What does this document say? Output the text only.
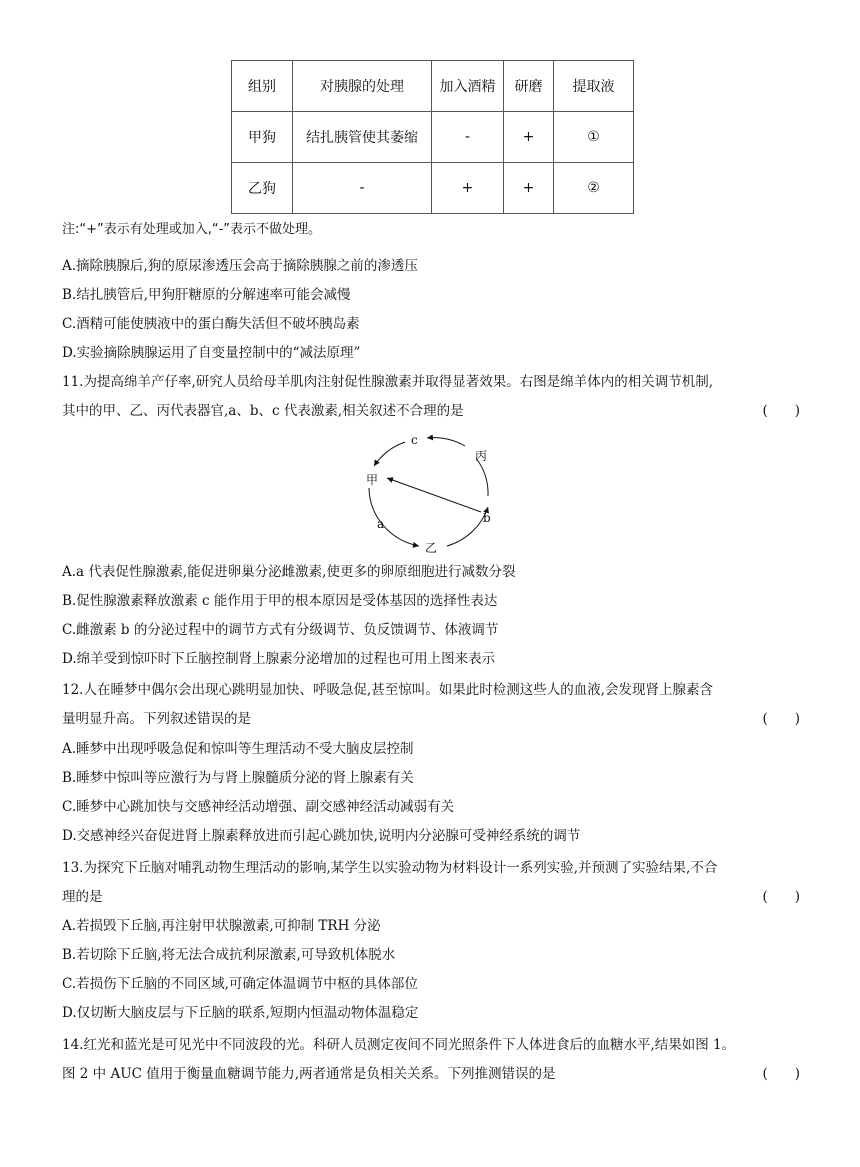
组别	对胰腺的处理	加入酒精	研磨	提取液
甲狗	结扎胰管使其萎缩	-	+	①
乙狗	-	+	+	②
注:“+”表示有处理或加入,“-”表示不做处理。
A.摘除胰腺后,狗的原尿渗透压会高于摘除胰腺之前的渗透压
B.结扎胰管后,甲狗肝糖原的分解速率可能会减慢
C.酒精可能使胰液中的蛋白酶失活但不破坏胰岛素
D.实验摘除胰腺运用了自变量控制中的“减法原理”
11.为提高绵羊产仔率,研究人员给母羊肌肉注射促性腺激素并取得显著效果。右图是绵羊体内的相关调节机制,
其中的甲、乙、丙代表器官,a、b、c 代表激素,相关叙述不合理的是	(　　)
c
丙
甲
a	b
乙
A.a 代表促性腺激素,能促进卵巢分泌雌激素,使更多的卵原细胞进行减数分裂
B.促性腺激素释放激素 c 能作用于甲的根本原因是受体基因的选择性表达
C.雌激素 b 的分泌过程中的调节方式有分级调节、负反馈调节、体液调节
D.绵羊受到惊吓时下丘脑控制肾上腺素分泌增加的过程也可用上图来表示
12.人在睡梦中偶尔会出现心跳明显加快、呼吸急促,甚至惊叫。如果此时检测这些人的血液,会发现肾上腺素含
量明显升高。下列叙述错误的是	(　　)
A.睡梦中出现呼吸急促和惊叫等生理活动不受大脑皮层控制
B.睡梦中惊叫等应激行为与肾上腺髓质分泌的肾上腺素有关
C.睡梦中心跳加快与交感神经活动增强、副交感神经活动减弱有关
D.交感神经兴奋促进肾上腺素释放进而引起心跳加快,说明内分泌腺可受神经系统的调节
13.为探究下丘脑对哺乳动物生理活动的影响,某学生以实验动物为材料设计一系列实验,并预测了实验结果,不合
理的是	(　　)
A.若损毁下丘脑,再注射甲状腺激素,可抑制 TRH 分泌
B.若切除下丘脑,将无法合成抗利尿激素,可导致机体脱水
C.若损伤下丘脑的不同区域,可确定体温调节中枢的具体部位
D.仅切断大脑皮层与下丘脑的联系,短期内恒温动物体温稳定
14.红光和蓝光是可见光中不同波段的光。科研人员测定夜间不同光照条件下人体进食后的血糖水平,结果如图 1。
图 2 中 AUC 值用于衡量血糖调节能力,两者通常是负相关关系。下列推测错误的是	(　　)
